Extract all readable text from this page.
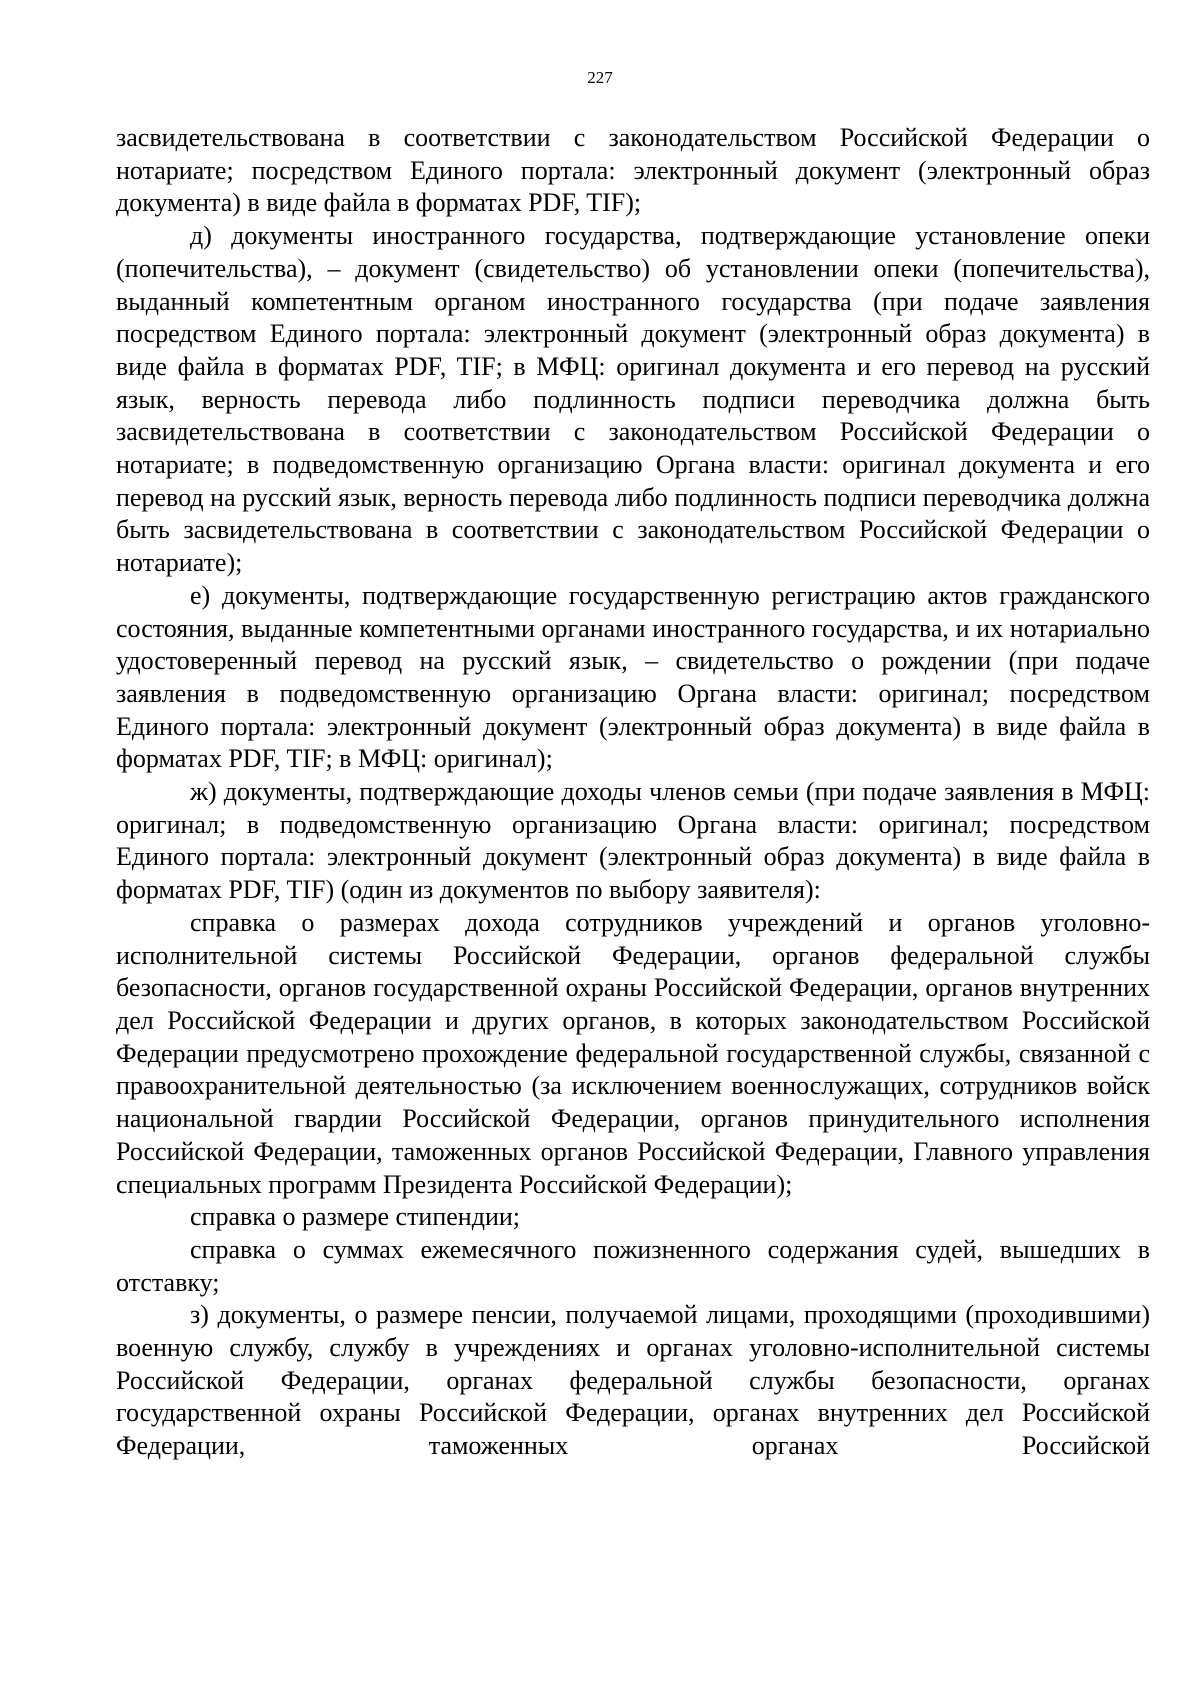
227

засвидетельствована в соответствии с законодательством Российской Федерации о нотариате; посредством Единого портала: электронный документ (электронный образ документа) в виде файла в форматах PDF, TIF);

д) документы иностранного государства, подтверждающие установление опеки (попечительства), – документ (свидетельство) об установлении опеки (попечительства), выданный компетентным органом иностранного государства (при подаче заявления посредством Единого портала: электронный документ (электронный образ документа) в виде файла в форматах PDF, TIF; в МФЦ: оригинал документа и его перевод на русский язык, верность перевода либо подлинность подписи переводчика должна быть засвидетельствована в соответствии с законодательством Российской Федерации о нотариате; в подведомственную организацию Органа власти: оригинал документа и его перевод на русский язык, верность перевода либо подлинность подписи переводчика должна быть засвидетельствована в соответствии с законодательством Российской Федерации о нотариате);

е) документы, подтверждающие государственную регистрацию актов гражданского состояния, выданные компетентными органами иностранного государства, и их нотариально удостоверенный перевод на русский язык, – свидетельство о рождении (при подаче заявления в подведомственную организацию Органа власти: оригинал; посредством Единого портала: электронный документ (электронный образ документа) в виде файла в форматах PDF, TIF; в МФЦ: оригинал);

ж) документы, подтверждающие доходы членов семьи (при подаче заявления в МФЦ: оригинал; в подведомственную организацию Органа власти: оригинал; посредством Единого портала: электронный документ (электронный образ документа) в виде файла в форматах PDF, TIF) (один из документов по выбору заявителя):

справка о размерах дохода сотрудников учреждений и органов уголовно-исполнительной системы Российской Федерации, органов федеральной службы безопасности, органов государственной охраны Российской Федерации, органов внутренних дел Российской Федерации и других органов, в которых законодательством Российской Федерации предусмотрено прохождение федеральной государственной службы, связанной с правоохранительной деятельностью (за исключением военнослужащих, сотрудников войск национальной гвардии Российской Федерации, органов принудительного исполнения Российской Федерации, таможенных органов Российской Федерации, Главного управления специальных программ Президента Российской Федерации);

справка о размере стипендии;

справка о суммах ежемесячного пожизненного содержания судей, вышедших в отставку;

з) документы, о размере пенсии, получаемой лицами, проходящими (проходившими) военную службу, службу в учреждениях и органах уголовно-исполнительной системы Российской Федерации, органах федеральной службы безопасности, органах государственной охраны Российской Федерации, органах внутренних дел Российской Федерации, таможенных органах Российской
